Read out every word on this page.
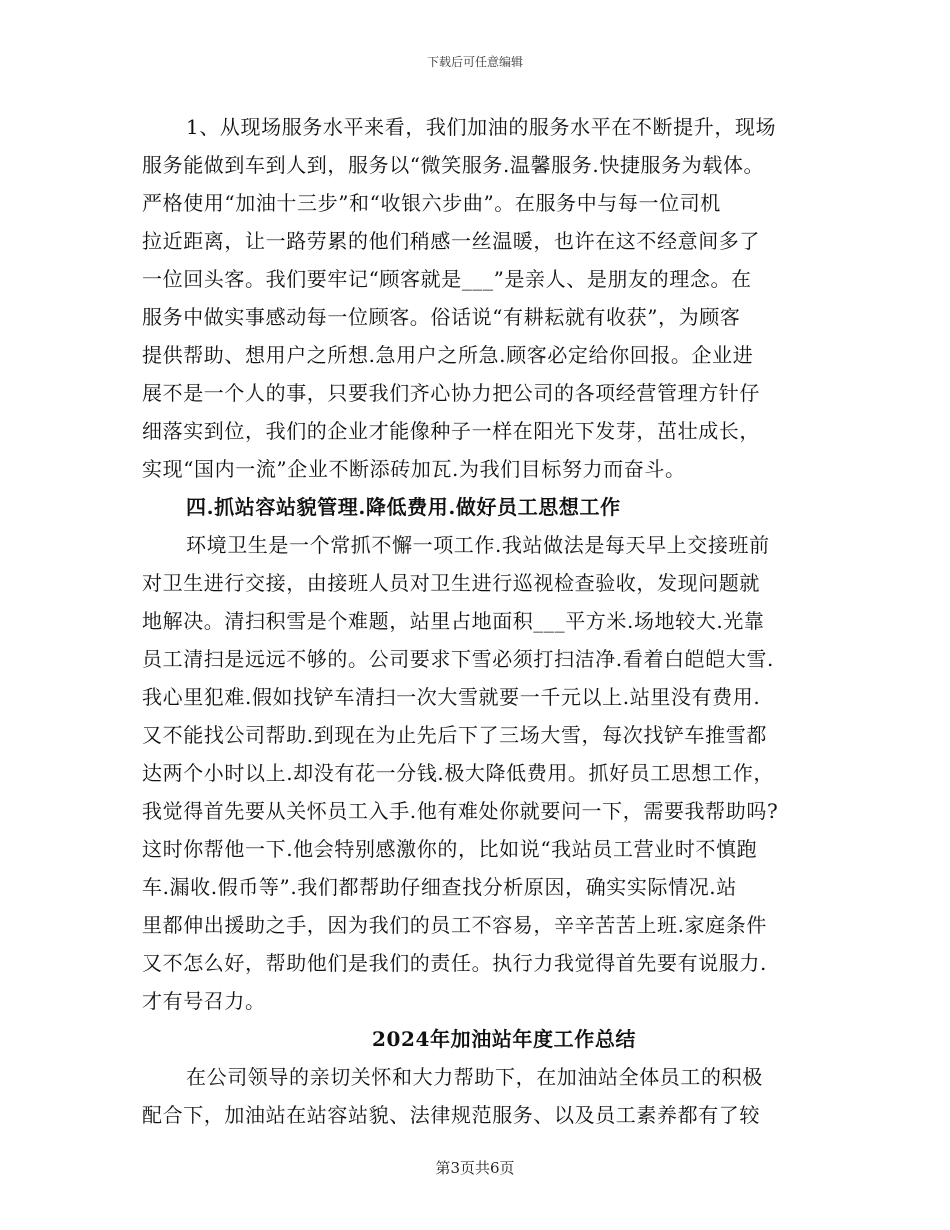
下载后可任意编辑
1、从现场服务水平来看，我们加油的服务水平在不断提升，现场
服务能做到车到人到，服务以“微笑服务.温馨服务.快捷服务为载体。
严格使用“加油十三步”和“收银六步曲”。在服务中与每一位司机
拉近距离，让一路劳累的他们稍感一丝温暖，也许在这不经意间多了
一位回头客。我们要牢记“顾客就是___”是亲人、是朋友的理念。在
服务中做实事感动每一位顾客。俗话说“有耕耘就有收获”，为顾客
提供帮助、想用户之所想.急用户之所急.顾客必定给你回报。企业进
展不是一个人的事，只要我们齐心协力把公司的各项经营管理方针仔
细落实到位，我们的企业才能像种子一样在阳光下发芽，茁壮成长，
实现“国内一流”企业不断添砖加瓦.为我们目标努力而奋斗。
四.抓站容站貌管理.降低费用.做好员工思想工作
环境卫生是一个常抓不懈一项工作.我站做法是每天早上交接班前
对卫生进行交接，由接班人员对卫生进行巡视检查验收，发现问题就
地解决。清扫积雪是个难题，站里占地面积___平方米.场地较大.光靠
员工清扫是远远不够的。公司要求下雪必须打扫洁净.看着白皑皑大雪.
我心里犯难.假如找铲车清扫一次大雪就要一千元以上.站里没有费用.
又不能找公司帮助.到现在为止先后下了三场大雪，每次找铲车推雪都
达两个小时以上.却没有花一分钱.极大降低费用。抓好员工思想工作，
我觉得首先要从关怀员工入手.他有难处你就要问一下，需要我帮助吗?
这时你帮他一下.他会特别感激你的，比如说“我站员工营业时不慎跑
车.漏收.假币等”.我们都帮助仔细查找分析原因，确实实际情况.站
里都伸出援助之手，因为我们的员工不容易，辛辛苦苦上班.家庭条件
又不怎么好，帮助他们是我们的责任。执行力我觉得首先要有说服力.
才有号召力。
2024年加油站年度工作总结
在公司领导的亲切关怀和大力帮助下，在加油站全体员工的积极
配合下，加油站在站容站貌、法律规范服务、以及员工素养都有了较
第3页共6页
